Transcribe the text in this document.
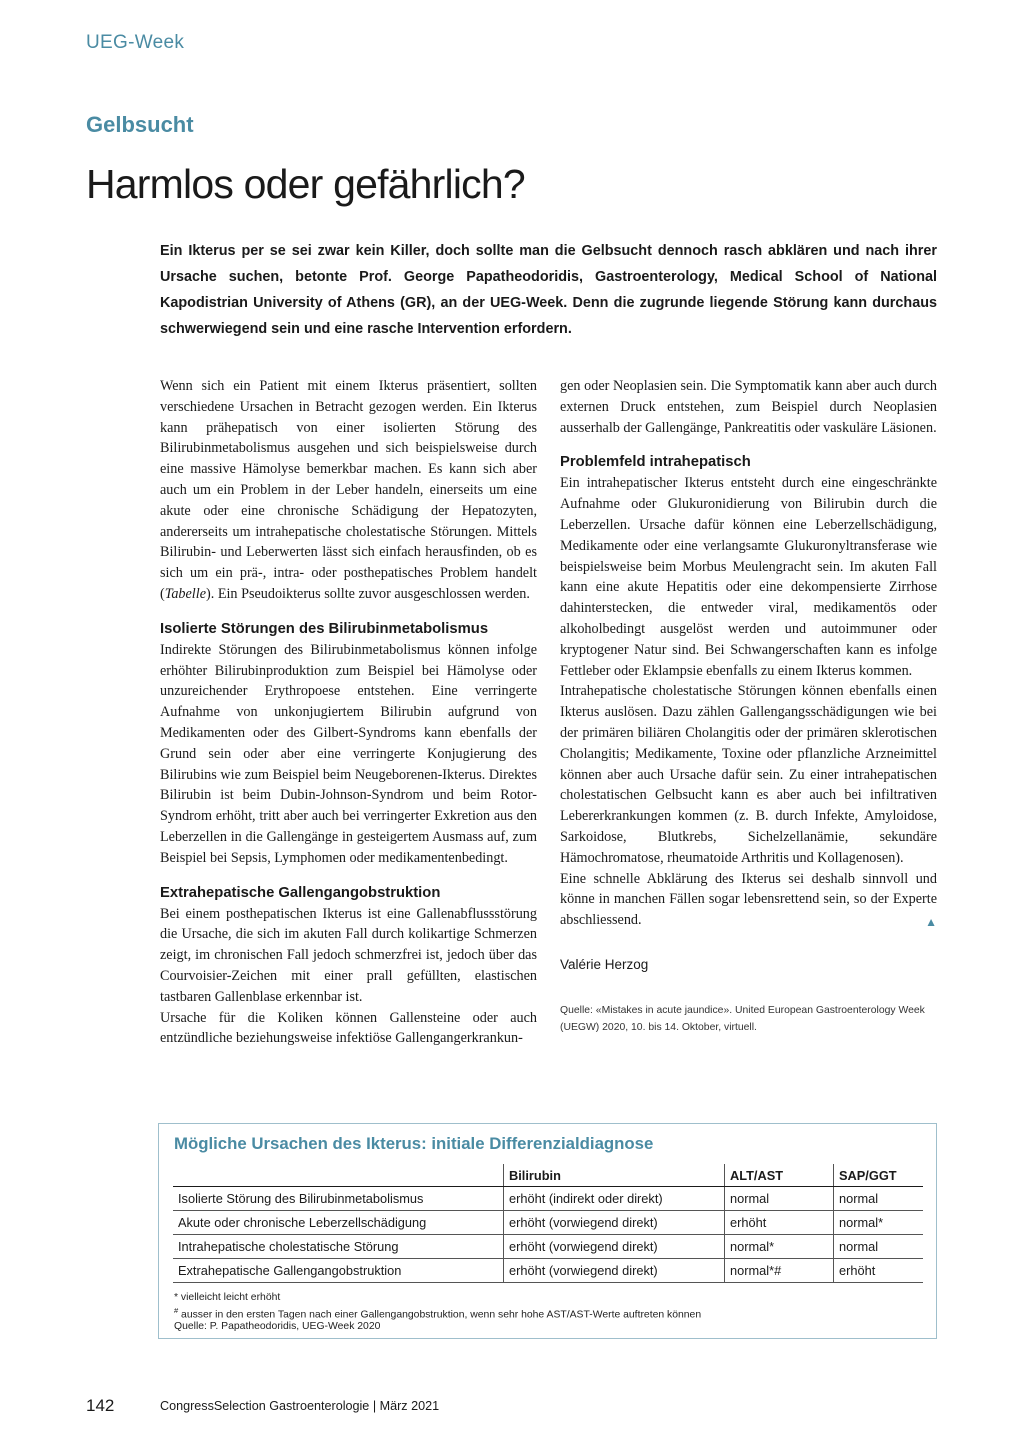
UEG-Week
Gelbsucht
Harmlos oder gefährlich?
Ein Ikterus per se sei zwar kein Killer, doch sollte man die Gelbsucht dennoch rasch abklären und nach ihrer Ursache suchen, betonte Prof. George Papatheodoridis, Gastroenterology, Medical School of National Kapodistrian University of Athens (GR), an der UEG-Week. Denn die zugrunde liegende Störung kann durchaus schwerwiegend sein und eine rasche Intervention erfordern.

Wenn sich ein Patient mit einem Ikterus präsentiert, sollten verschiedene Ursachen in Betracht gezogen werden. Ein Ikterus kann prähepatisch von einer isolierten Störung des Bilirubinmetabolismus ausgehen und sich beispielsweise durch eine massive Hämolyse bemerkbar machen. Es kann sich aber auch um ein Problem in der Leber handeln, einerseits um eine akute oder eine chronische Schädigung der Hepatozyten, andererseits um intrahepatische cholestatische Störungen. Mittels Bilirubin- und Leberwerten lässt sich einfach herausfinden, ob es sich um ein prä-, intra- oder posthepatisches Problem handelt (Tabelle). Ein Pseudoikterus sollte zuvor ausgeschlossen werden.

Isolierte Störungen des Bilirubinmetabolismus

Indirekte Störungen des Bilirubinmetabolismus können infolge erhöhter Bilirubinproduktion zum Beispiel bei Hämolyse oder unzureichender Erythropoese entstehen. Eine verringerte Aufnahme von unkonjugiertem Bilirubin aufgrund von Medikamenten oder des Gilbert-Syndroms kann ebenfalls der Grund sein oder aber eine verringerte Konjugierung des Bilirubins wie zum Beispiel beim Neugeborenen-Ikterus. Direktes Bilirubin ist beim Dubin-Johnson-Syndrom und beim Rotor-Syndrom erhöht, tritt aber auch bei verringerter Exkretion aus den Leberzellen in die Gallengänge in gesteigertem Ausmass auf, zum Beispiel bei Sepsis, Lymphomen oder medikamentenbedingt.

Extrahepatische Gallengangobstruktion

Bei einem posthepatischen Ikterus ist eine Gallenabflussstörung die Ursache, die sich im akuten Fall durch kolikartige Schmerzen zeigt, im chronischen Fall jedoch schmerzfrei ist, jedoch über das Courvoisier-Zeichen mit einer prall gefüllten, elastischen tastbaren Gallenblase erkennbar ist.

Ursache für die Koliken können Gallensteine oder auch entzündliche beziehungsweise infektiöse Gallengangerkrankun-

gen oder Neoplasien sein. Die Symptomatik kann aber auch durch externen Druck entstehen, zum Beispiel durch Neoplasien ausserhalb der Gallengänge, Pankreatitis oder vaskuläre Läsionen.

Problemfeld intrahepatisch

Ein intrahepatischer Ikterus entsteht durch eine eingeschränkte Aufnahme oder Glukuronidierung von Bilirubin durch die Leberzellen. Ursache dafür können eine Leberzellschädigung, Medikamente oder eine verlangsamte Glukuronyltransferase wie beispielsweise beim Morbus Meulengracht sein. Im akuten Fall kann eine akute Hepatitis oder eine dekompensierte Zirrhose dahinterstecken, die entweder viral, medikamentös oder alkoholbedingt ausgelöst werden und autoimmuner oder kryptogener Natur sind. Bei Schwangerschaften kann es infolge Fettleber oder Eklampsie ebenfalls zu einem Ikterus kommen.

Intrahepatische cholestatische Störungen können ebenfalls einen Ikterus auslösen. Dazu zählen Gallengangsschädigungen wie bei der primären biliären Cholangitis oder der primären sklerotischen Cholangitis; Medikamente, Toxine oder pflanzliche Arzneimittel können aber auch Ursache dafür sein. Zu einer intrahepatischen cholestatischen Gelbsucht kann es aber auch bei infiltrativen Lebererkrankungen kommen (z. B. durch Infekte, Amyloidose, Sarkoidose, Blutkrebs, Sichelzellanämie, sekundäre Hämochromatose, rheumatoide Arthritis und Kollagenosen).

Eine schnelle Abklärung des Ikterus sei deshalb sinnvoll und könne in manchen Fällen sogar lebensrettend sein, so der Experte abschliessend.	▲

Valérie Herzog
Quelle: «Mistakes in acute jaundice». United European Gastroenterology Week (UEGW) 2020, 10. bis 14. Oktober, virtuell.
Mögliche Ursachen des Ikterus: initiale Differenzialdiagnose
	Bilirubin	ALT/AST	SAP/GGT
Isolierte Störung des Bilirubinmetabolismus	erhöht (indirekt oder direkt)	normal	normal
Akute oder chronische Leberzellschädigung	erhöht (vorwiegend direkt)	erhöht	normal*
Intrahepatische cholestatische Störung	erhöht (vorwiegend direkt)	normal*	normal
Extrahepatische Gallengangobstruktion	erhöht (vorwiegend direkt)	normal*#	erhöht
* vielleicht leicht erhöht
# ausser in den ersten Tagen nach einer Gallengangobstruktion, wenn sehr hohe AST/AST-Werte auftreten können
Quelle: P. Papatheodoridis, UEG-Week 2020
142	CongressSelection Gastroenterologie | März 2021
